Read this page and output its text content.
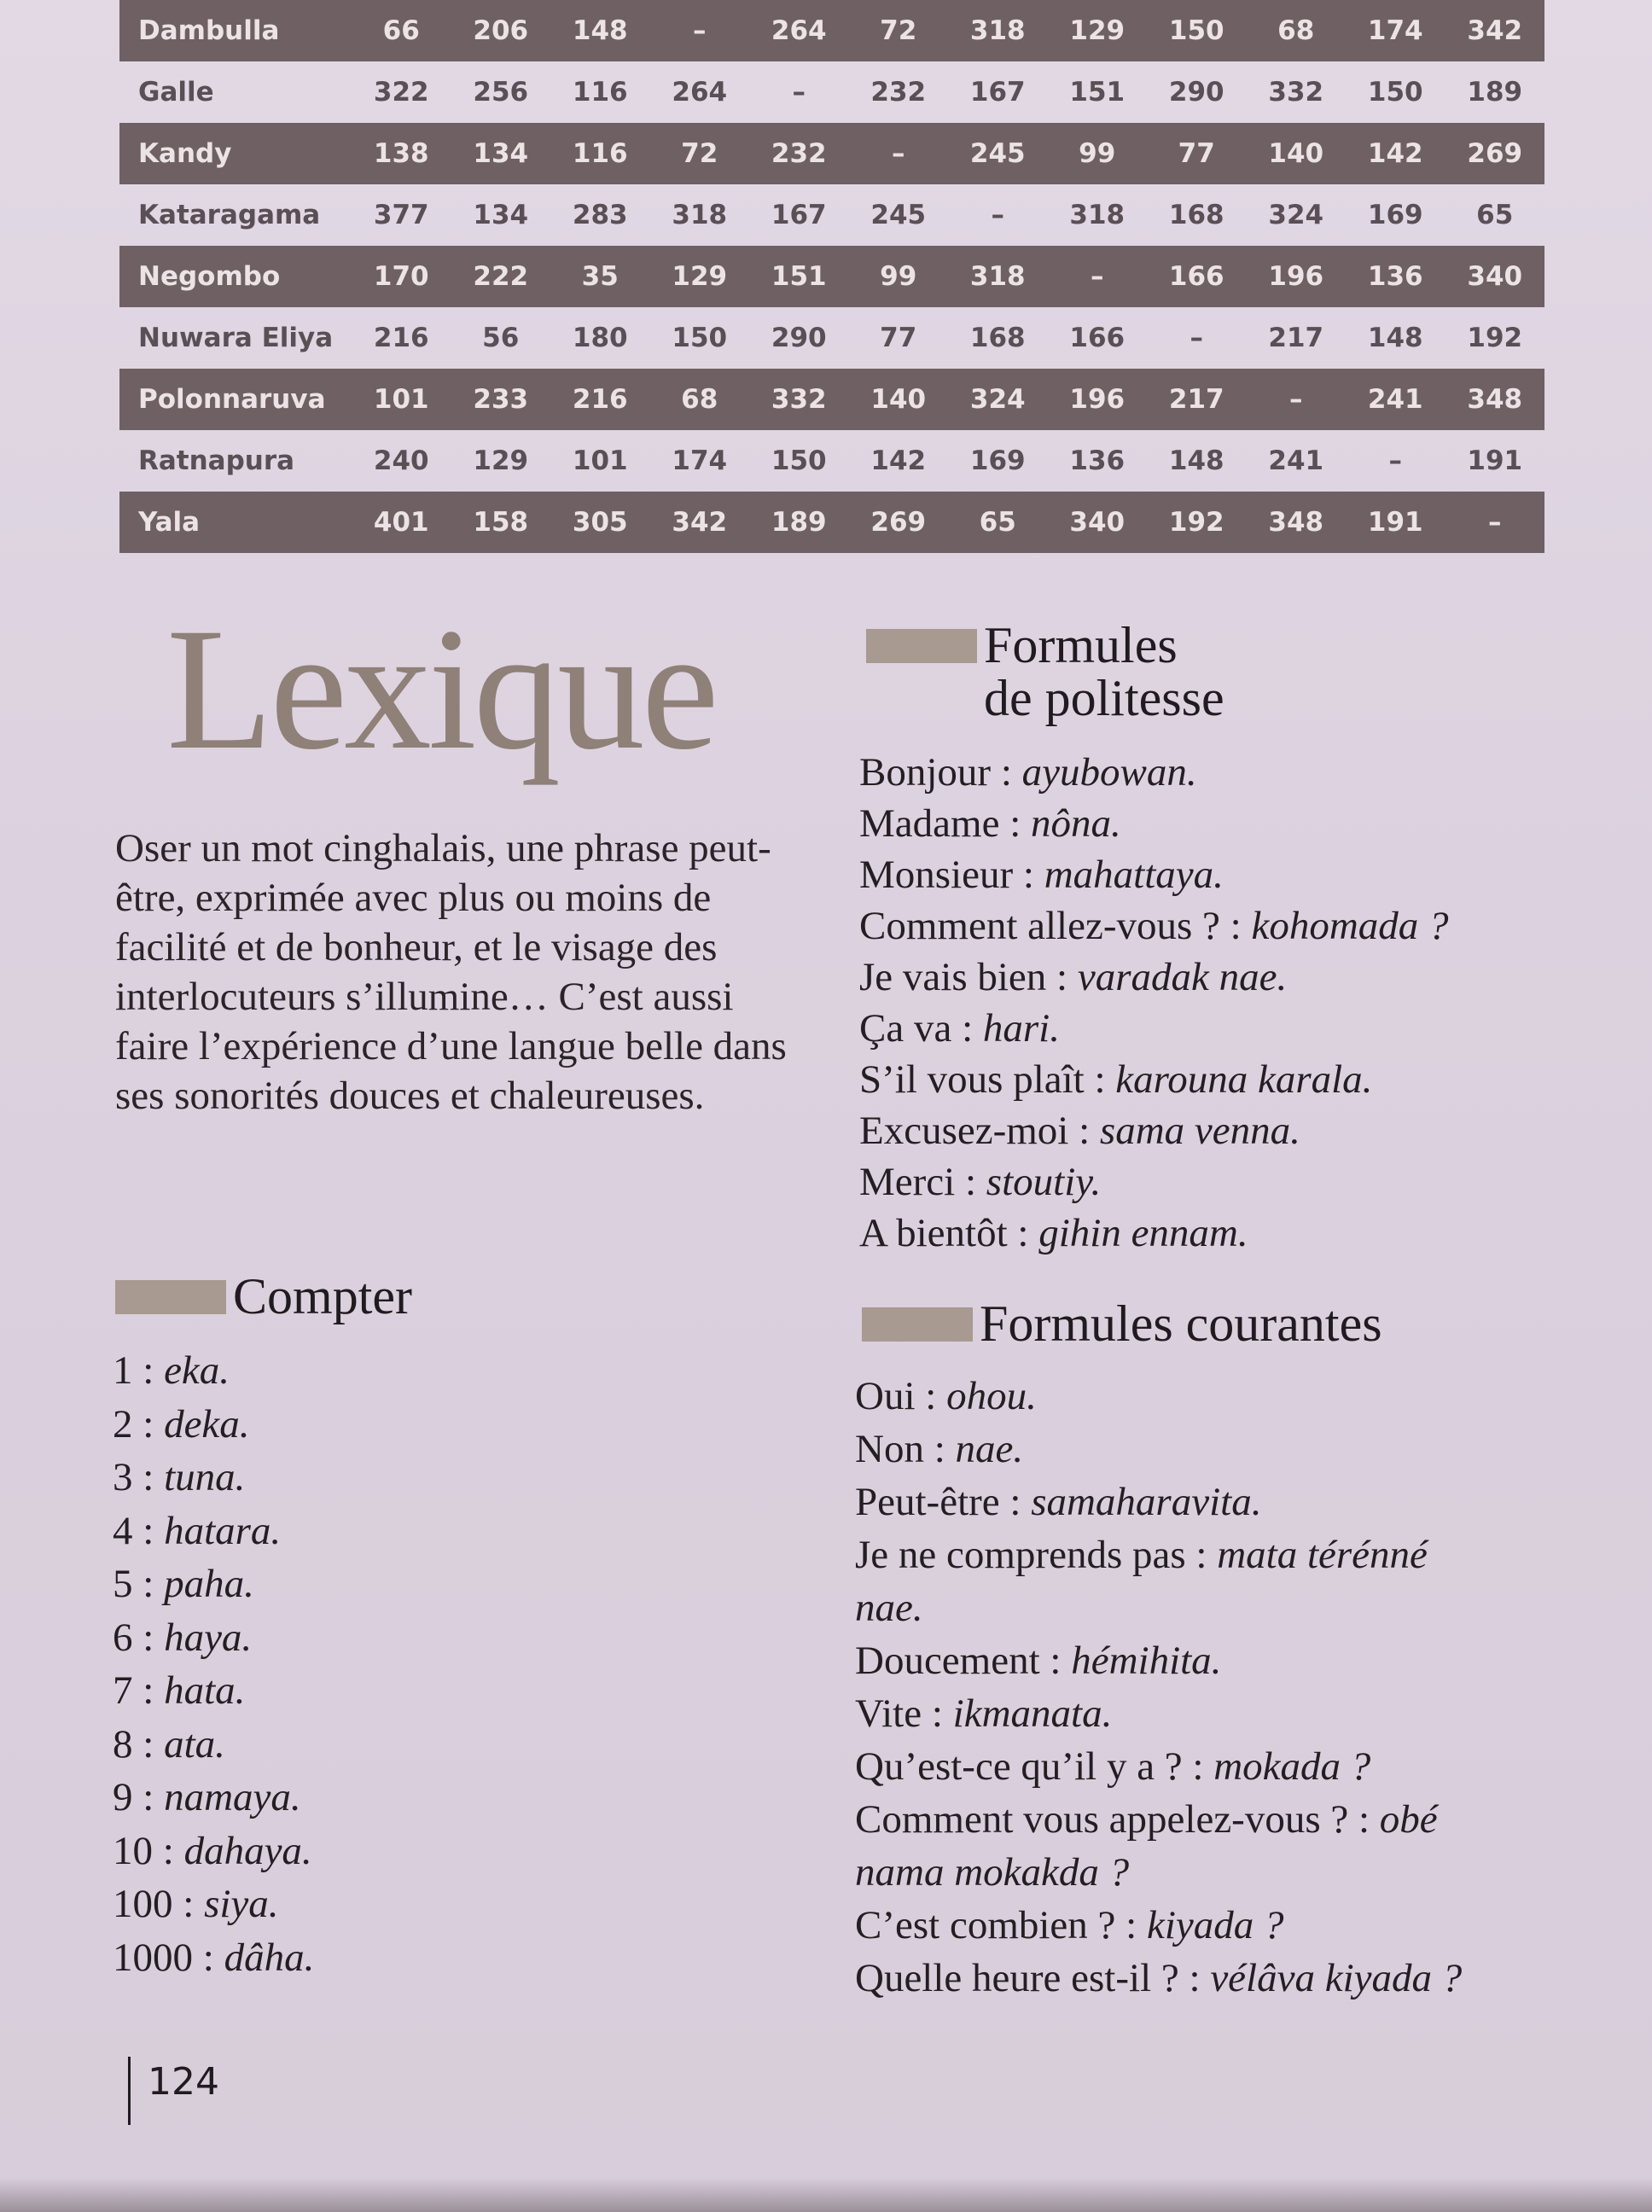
Dambulla	66	206	148	–	264	72	318	129	150	68	174	342
Galle	322	256	116	264	–	232	167	151	290	332	150	189
Kandy	138	134	116	72	232	–	245	99	77	140	142	269
Kataragama	377	134	283	318	167	245	–	318	168	324	169	65
Negombo	170	222	35	129	151	99	318	–	166	196	136	340
Nuwara Eliya	216	56	180	150	290	77	168	166	–	217	148	192
Polonnaruva	101	233	216	68	332	140	324	196	217	–	241	348
Ratnapura	240	129	101	174	150	142	169	136	148	241	–	191
Yala	401	158	305	342	189	269	65	340	192	348	191	–
Lexique
Oser un mot cinghalais, une phrase peut-être, exprimée avec plus ou moins de facilité et de bonheur, et le visage des interlocuteurs s’illumine… C’est aussi faire l’expérience d’une langue belle dans ses sonorités douces et chaleureuses.
Compter
1 : eka.
2 : deka.
3 : tuna.
4 : hatara.
5 : paha.
6 : haya.
7 : hata.
8 : ata.
9 : namaya.
10 : dahaya.
100 : siya.
1000 : dâha.
Formules
de politesse
Bonjour : ayubowan.
Madame : nôna.
Monsieur : mahattaya.
Comment allez-vous ? : kohomada ?
Je vais bien : varadak nae.
Ça va : hari.
S’il vous plaît : karouna karala.
Excusez-moi : sama venna.
Merci : stoutiy.
A bientôt : gihin ennam.
Formules courantes
Oui : ohou.
Non : nae.
Peut-être : samaharavita.
Je ne comprends pas : mata térénné
nae.
Doucement : hémihita.
Vite : ikmanata.
Qu’est-ce qu’il y a ? : mokada ?
Comment vous appelez-vous ? : obé
nama mokakda ?
C’est combien ? : kiyada ?
Quelle heure est-il ? : vélâva kiyada ?
124
